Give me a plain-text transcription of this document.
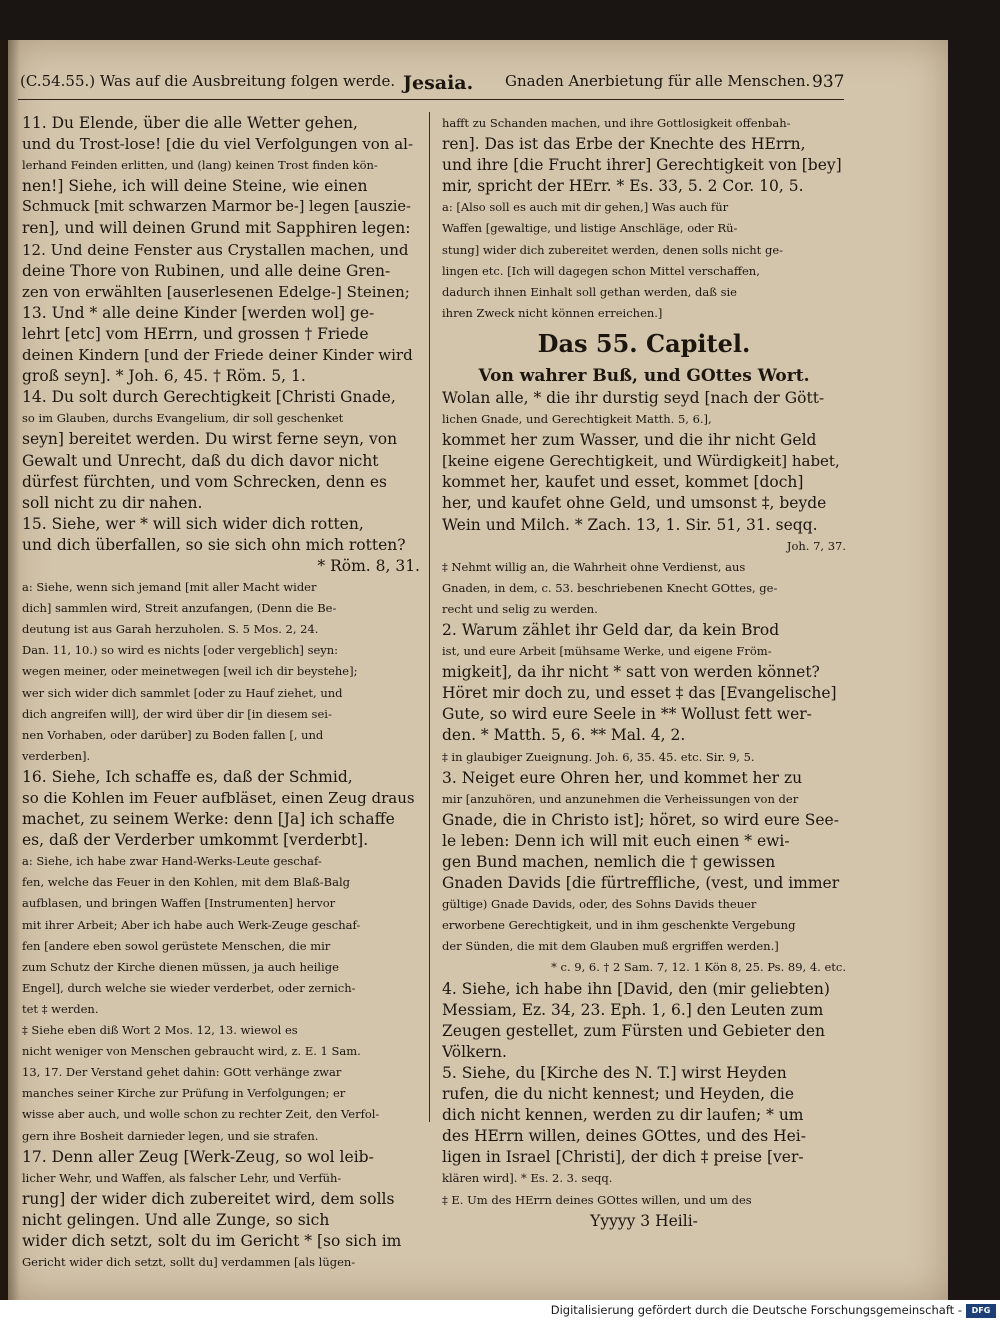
(C.54.55.) Was auf die Ausbreitung folgen werde. Jesaia. Gnaden Anerbietung für alle Menschen. 937
11. Du Elende, über die alle Wetter gehen,
und du Trost-lose! [die du viel Verfolgungen von al-
lerhand Feinden erlitten, und (lang) keinen Trost finden kön-
nen!] Siehe, ich will deine Steine, wie einen
Schmuck [mit schwarzen Marmor be-] legen [auszie-
ren], und will deinen Grund mit Sapphiren legen:
12. Und deine Fenster aus Crystallen machen, und
deine Thore von Rubinen, und alle deine Gren-
zen von erwählten [auserlesenen Edelge-] Steinen;
13. Und * alle deine Kinder [werden wol] ge-
lehrt [etc] vom HErrn, und grossen † Friede
deinen Kindern [und der Friede deiner Kinder wird
groß seyn]. * Joh. 6, 45. † Röm. 5, 1.
14. Du solt durch Gerechtigkeit [Christi Gnade,
so im Glauben, durchs Evangelium, dir soll geschenket
seyn] bereitet werden. Du wirst ferne seyn, von
Gewalt und Unrecht, daß du dich davor nicht
dürfest fürchten, und vom Schrecken, denn es
soll nicht zu dir nahen.
15. Siehe, wer * will sich wider dich rotten,
und dich überfallen, so sie sich ohn mich rotten?
* Röm. 8, 31.
a: Siehe, wenn sich jemand [mit aller Macht wider
dich] sammlen wird, Streit anzufangen, (Denn die Be-
deutung ist aus Garah herzuholen. S. 5 Mos. 2, 24.
Dan. 11, 10.) so wird es nichts [oder vergeblich] seyn:
wegen meiner, oder meinetwegen [weil ich dir beystehe];
wer sich wider dich sammlet [oder zu Hauf ziehet, und
dich angreifen will], der wird über dir [in diesem sei-
nen Vorhaben, oder darüber] zu Boden fallen [, und
verderben].
16. Siehe, Ich schaffe es, daß der Schmid,
so die Kohlen im Feuer aufbläset, einen Zeug draus
machet, zu seinem Werke: denn [Ja] ich schaffe
es, daß der Verderber umkommt [verderbt].
a: Siehe, ich habe zwar Hand-Werks-Leute geschaf-
fen, welche das Feuer in den Kohlen, mit dem Blaß-Balg
aufblasen, und bringen Waffen [Instrumenten] hervor
mit ihrer Arbeit; Aber ich habe auch Werk-Zeuge geschaf-
fen [andere eben sowol gerüstete Menschen, die mir
zum Schutz der Kirche dienen müssen, ja auch heilige
Engel], durch welche sie wieder verderbet, oder zernich-
tet ‡ werden.
‡ Siehe eben diß Wort 2 Mos. 12, 13. wiewol es
nicht weniger von Menschen gebraucht wird, z. E. 1 Sam.
13, 17. Der Verstand gehet dahin: GOtt verhänge zwar
manches seiner Kirche zur Prüfung in Verfolgungen; er
wisse aber auch, und wolle schon zu rechter Zeit, den Verfol-
gern ihre Bosheit darnieder legen, und sie strafen.
17. Denn aller Zeug [Werk-Zeug, so wol leib-
licher Wehr, und Waffen, als falscher Lehr, und Verfüh-
rung] der wider dich zubereitet wird, dem solls
nicht gelingen. Und alle Zunge, so sich
wider dich setzt, solt du im Gericht * [so sich im
Gericht wider dich setzt, sollt du] verdammen [als lügen-
hafft zu Schanden machen, und ihre Gottlosigkeit offenbah-
ren]. Das ist das Erbe der Knechte des HErrn,
und ihre [die Frucht ihrer] Gerechtigkeit von [bey]
mir, spricht der HErr. * Es. 33, 5. 2 Cor. 10, 5.
a: [Also soll es auch mit dir gehen,] Was auch für
Waffen [gewaltige, und listige Anschläge, oder Rü-
stung] wider dich zubereitet werden, denen solls nicht ge-
lingen etc. [Ich will dagegen schon Mittel verschaffen,
dadurch ihnen Einhalt soll gethan werden, daß sie
ihren Zweck nicht können erreichen.]
Das 55. Capitel.
Von wahrer Buß, und GOttes Wort.
Wolan alle, * die ihr durstig seyd [nach der Gött-
lichen Gnade, und Gerechtigkeit Matth. 5, 6.],
kommet her zum Wasser, und die ihr nicht Geld
[keine eigene Gerechtigkeit, und Würdigkeit] habet,
kommet her, kaufet und esset, kommet [doch]
her, und kaufet ohne Geld, und umsonst ‡, beyde
Wein und Milch. * Zach. 13, 1. Sir. 51, 31. seqq.
Joh. 7, 37.
‡ Nehmt willig an, die Wahrheit ohne Verdienst, aus
Gnaden, in dem, c. 53. beschriebenen Knecht GOttes, ge-
recht und selig zu werden.
2. Warum zählet ihr Geld dar, da kein Brod
ist, und eure Arbeit [mühsame Werke, und eigene Fröm-
migkeit], da ihr nicht * satt von werden könnet?
Höret mir doch zu, und esset ‡ das [Evangelische]
Gute, so wird eure Seele in ** Wollust fett wer-
den. * Matth. 5, 6. ** Mal. 4, 2.
‡ in glaubiger Zueignung. Joh. 6, 35. 45. etc. Sir. 9, 5.
3. Neiget eure Ohren her, und kommet her zu
mir [anzuhören, und anzunehmen die Verheissungen von der
Gnade, die in Christo ist]; höret, so wird eure See-
le leben: Denn ich will mit euch einen * ewi-
gen Bund machen, nemlich die † gewissen
Gnaden Davids [die fürtreffliche, (vest, und immer
gültige) Gnade Davids, oder, des Sohns Davids theuer
erworbene Gerechtigkeit, und in ihm geschenkte Vergebung
der Sünden, die mit dem Glauben muß ergriffen werden.]
* c. 9, 6. † 2 Sam. 7, 12. 1 Kön 8, 25. Ps. 89, 4. etc.
4. Siehe, ich habe ihn [David, den (mir geliebten)
Messiam, Ez. 34, 23. Eph. 1, 6.] den Leuten zum
Zeugen gestellet, zum Fürsten und Gebieter den
Völkern.
5. Siehe, du [Kirche des N. T.] wirst Heyden
rufen, die du nicht kennest; und Heyden, die
dich nicht kennen, werden zu dir laufen; * um
des HErrn willen, deines GOttes, und des Hei-
ligen in Israel [Christi], der dich ‡ preise [ver-
klären wird]. * Es. 2. 3. seqq.
‡ E. Um des HErrn deines GOttes willen, und um des
Yyyyy 3 Heili-
Digitalisierung gefördert durch die Deutsche Forschungsgemeinschaft -	DFG
